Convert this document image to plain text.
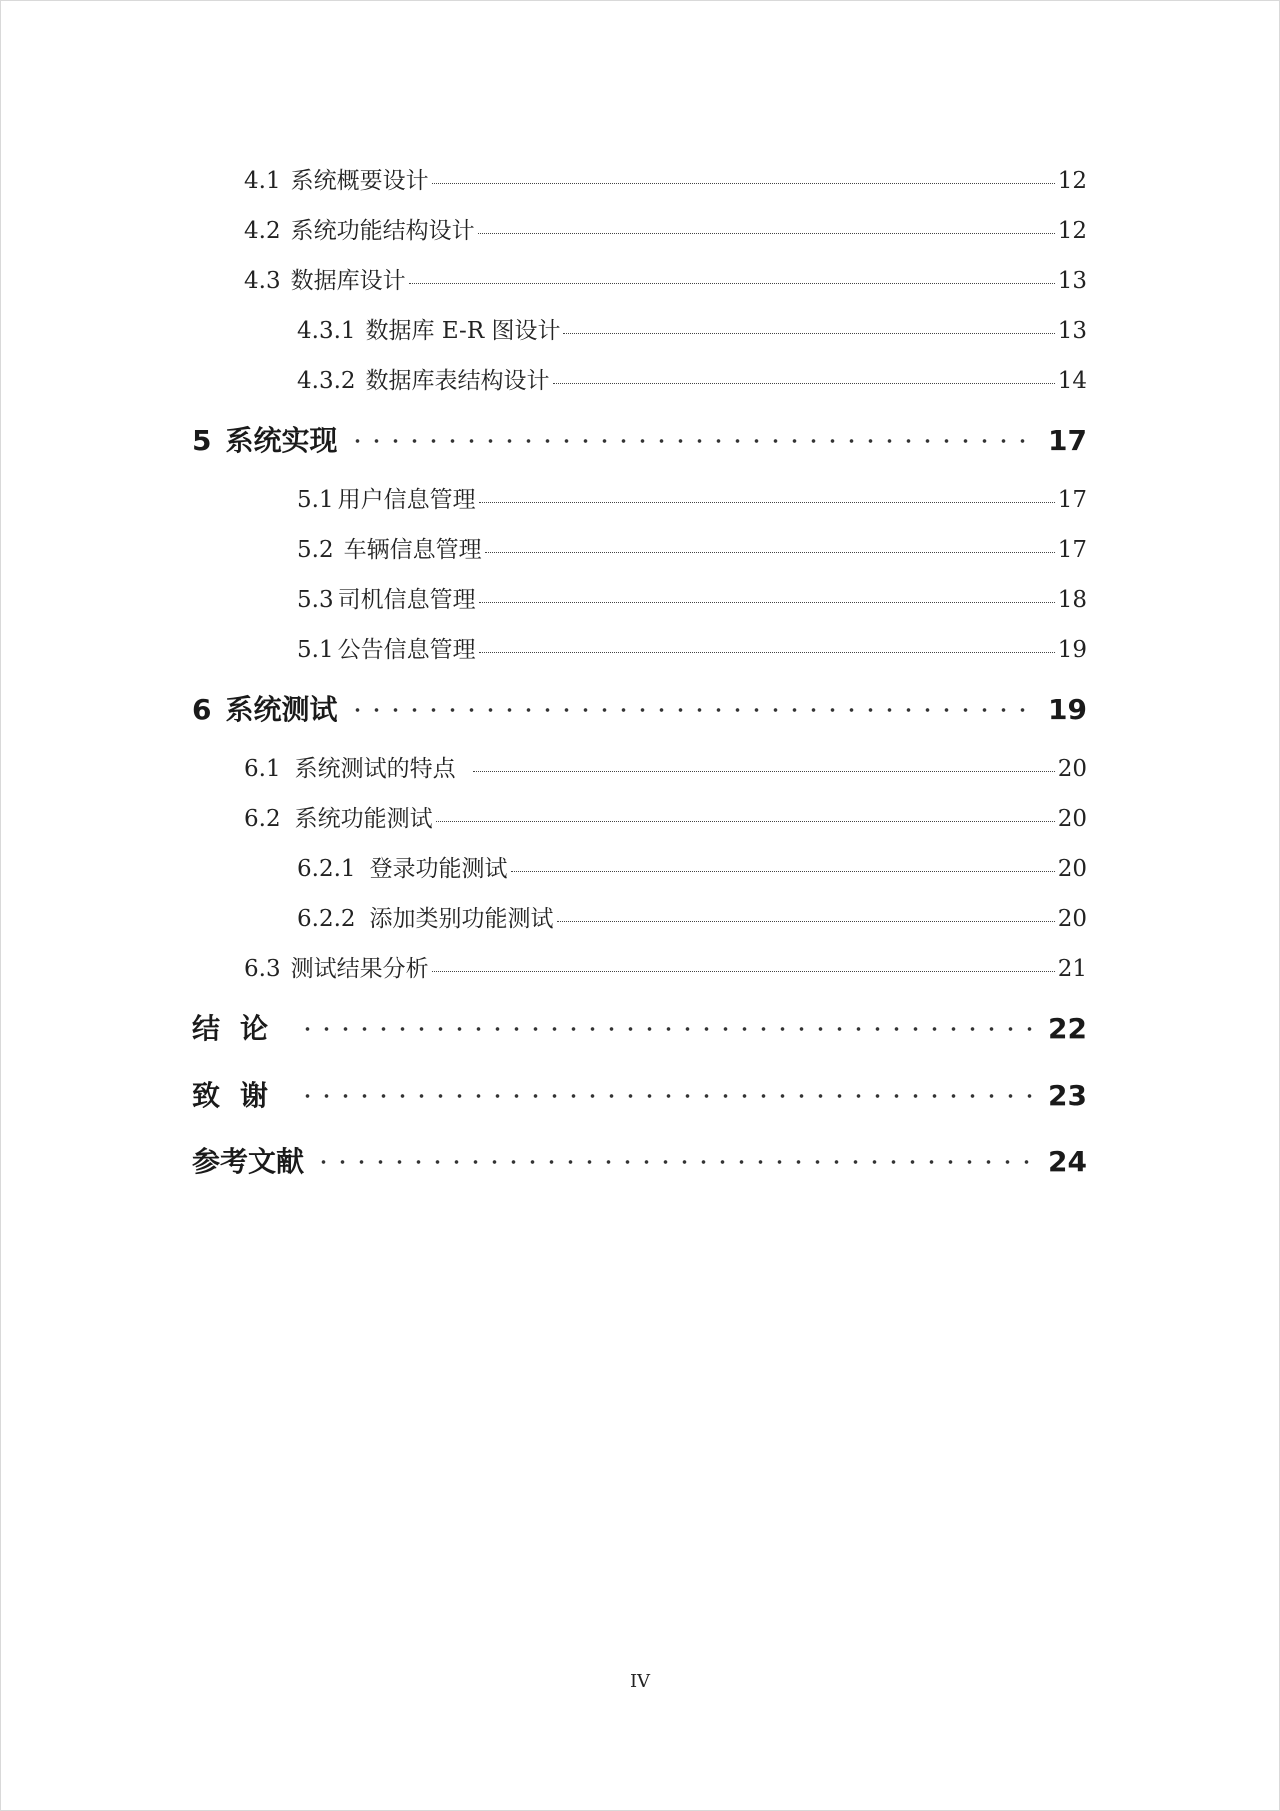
4.1 系统概要设计	12
4.2 系统功能结构设计	12
4.3 数据库设计	13
4.3.1 数据库 E-R 图设计	13
4.3.2 数据库表结构设计	14
5 系统实现	17
5.1 用户信息管理	17
5.2 车辆信息管理	17
5.3 司机信息管理	18
5.1 公告信息管理	19
6 系统测试	19
6.1 系统测试的特点	20
6.2 系统功能测试	20
6.2.1 登录功能测试	20
6.2.2 添加类别功能测试	20
6.3 测试结果分析	21
结论	22
致谢	23
参考文献	24
IV
